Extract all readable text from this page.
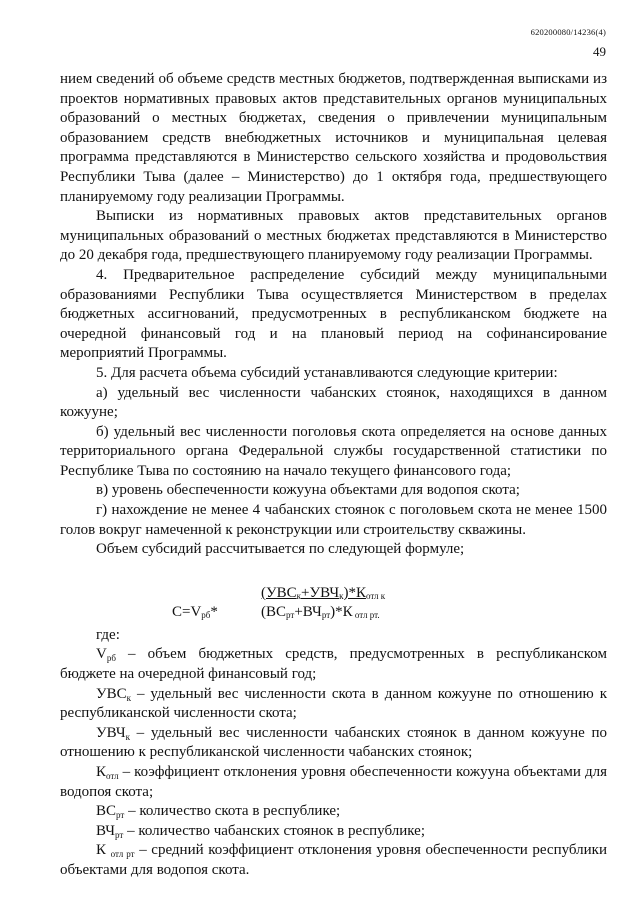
620200080/14236(4)
49

нием сведений об объеме средств местных бюджетов, подтвержденная выписками из проектов нормативных правовых актов представительных органов муниципальных образований о местных бюджетах, сведения о привлечении муниципальным образованием средств внебюджетных источников и муниципальная целевая программа представляются в Министерство сельского хозяйства и продовольствия Республики Тыва (далее – Министерство) до 1 октября года, предшествующего планируемому году реализации Программы.

Выписки из нормативных правовых актов представительных органов муниципальных образований о местных бюджетах представляются в Министерство до 20 декабря года, предшествующего планируемому году реализации Программы.

4. Предварительное распределение субсидий между муниципальными образованиями Республики Тыва осуществляется Министерством в пределах бюджетных ассигнований, предусмотренных в республиканском бюджете на очередной финансовый год и на плановый период на софинансирование мероприятий Программы.

5. Для расчета объема субсидий устанавливаются следующие критерии:

а) удельный вес численности чабанских стоянок, находящихся в данном кожууне;

б) удельный вес численности поголовья скота определяется на основе данных территориального органа Федеральной службы государственной статистики по Республике Тыва по состоянию на начало текущего финансового года;

в) уровень обеспеченности кожууна объектами для водопоя скота;

г) нахождение не менее 4 чабанских стоянок с поголовьем скота не менее 1500 голов вокруг намеченной к реконструкции или строительству скважины.

Объем субсидий рассчитывается по следующей формуле;

$С=V_{рб}*$
$(УВС_к+УВЧ_к)*К_{отл к}$
$(ВС_{рт}+ВЧ_{рт})*К$ $_{отл рт.}$

где:

$V_{рб}$ – объем бюджетных средств, предусмотренных в республиканском бюджете на очередной финансовый год;

$УВС_к$ – удельный вес численности скота в данном кожууне по отношению к республиканской численности скота;

$УВЧ_к$ – удельный вес численности чабанских стоянок в данном кожууне по отношению к республиканской численности чабанских стоянок;

$К_{отл}$ – коэффициент отклонения уровня обеспеченности кожууна объектами для водопоя скота;

$ВС_{рт}$ – количество скота в республике;

$ВЧ_{рт}$ – количество чабанских стоянок в республике;

К $_{отл рт}$ – средний коэффициент отклонения уровня обеспеченности республики объектами для водопоя скота.
